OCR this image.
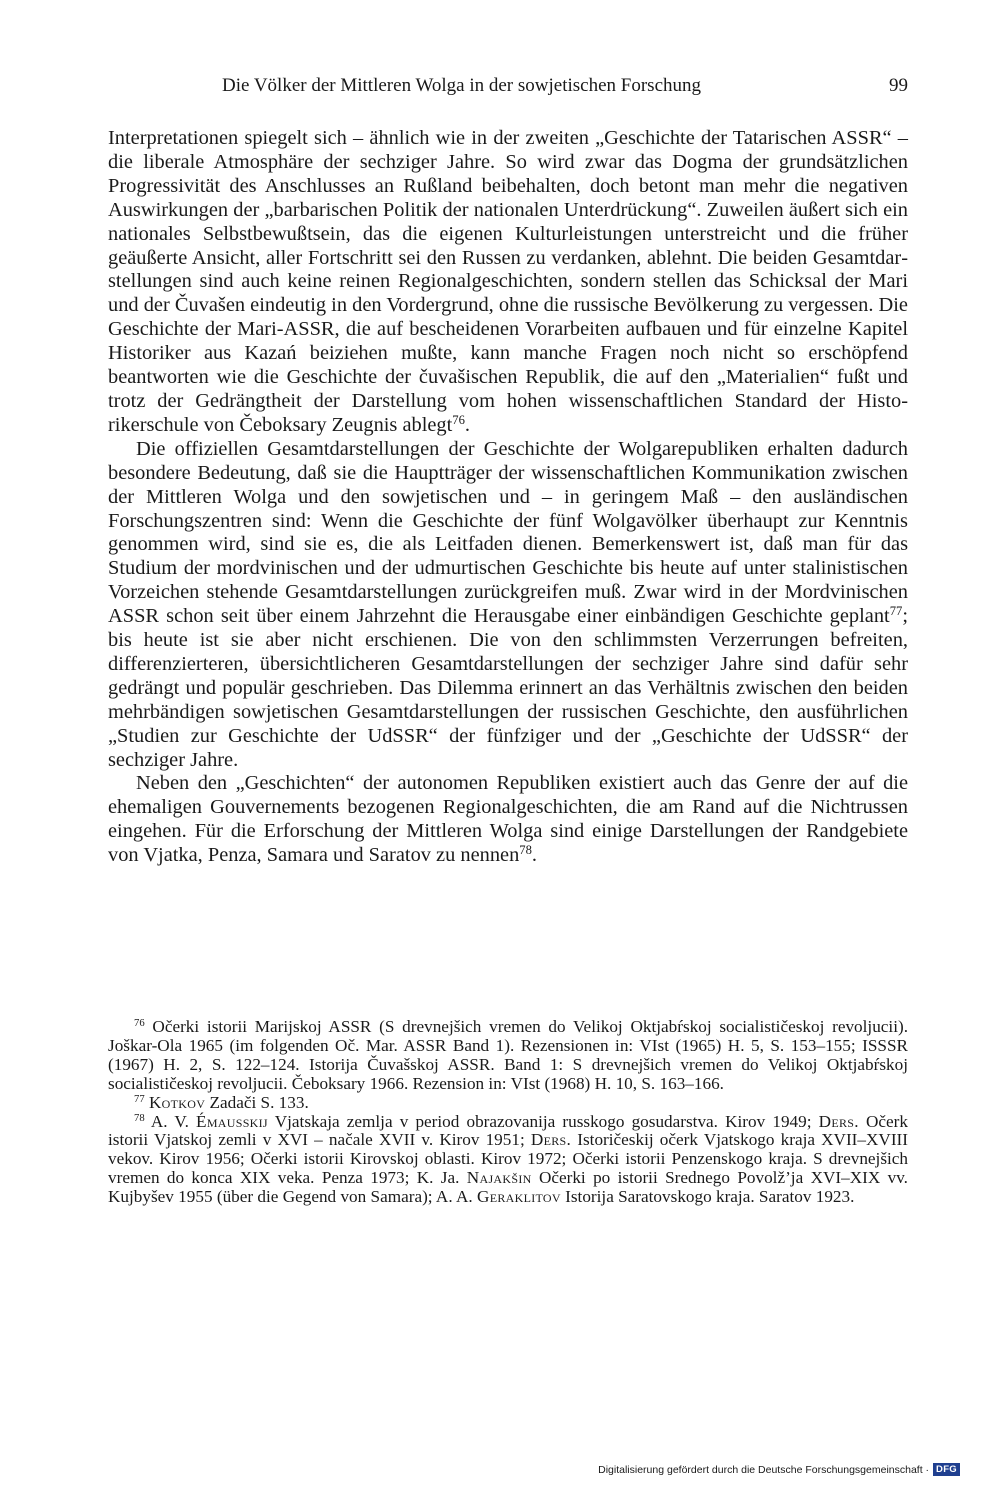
Die Völker der Mittleren Wolga in der sowjetischen Forschung	99

Interpretationen spiegelt sich – ähnlich wie in der zweiten „Geschichte der Tatarischen ASSR“ – die liberale Atmosphäre der sechziger Jahre. So wird zwar das Dogma der grundsätzlichen Progressivität des Anschlusses an Rußland beibehalten, doch betont man mehr die negativen Auswirkungen der „barbarischen Politik der nationalen Unterdrückung“. Zuweilen äußert sich ein nationales Selbstbewußtsein, das die eigenen Kulturleistungen unterstreicht und die früher geäußerte Ansicht, aller Fortschritt sei den Russen zu verdanken, ablehnt. Die beiden Gesamtdarstellungen sind auch keine reinen Regionalgeschichten, sondern stellen das Schicksal der Mari und der Čuvašen eindeutig in den Vordergrund, ohne die russische Bevölkerung zu vergessen. Die Geschichte der Mari-ASSR, die auf bescheidenen Vorarbeiten aufbauen und für einzelne Kapitel Historiker aus Kazań beiziehen mußte, kann manche Fragen noch nicht so erschöpfend beantworten wie die Geschichte der čuvašischen Republik, die auf den „Materialien“ fußt und trotz der Gedrängtheit der Darstellung vom hohen wissenschaftlichen Standard der Historikerschule von Čeboksary Zeugnis ablegt$^{76}$.

Die offiziellen Gesamtdarstellungen der Geschichte der Wolgarepubliken erhalten dadurch besondere Bedeutung, daß sie die Hauptträger der wissenschaftlichen Kommunikation zwischen der Mittleren Wolga und den sowjetischen und – in geringem Maß – den ausländischen Forschungszentren sind: Wenn die Geschichte der fünf Wolgavölker überhaupt zur Kenntnis genommen wird, sind sie es, die als Leitfaden dienen. Bemerkenswert ist, daß man für das Studium der mordvinischen und der udmurtischen Geschichte bis heute auf unter stalinistischen Vorzeichen stehende Gesamtdarstellungen zurückgreifen muß. Zwar wird in der Mordvinischen ASSR schon seit über einem Jahrzehnt die Herausgabe einer einbändigen Geschichte geplant$^{77}$; bis heute ist sie aber nicht erschienen. Die von den schlimmsten Verzerrungen befreiten, differenzierteren, übersichtlicheren Gesamtdarstellungen der sechziger Jahre sind dafür sehr gedrängt und populär geschrieben. Das Dilemma erinnert an das Verhältnis zwischen den beiden mehrbändigen sowjetischen Gesamtdarstellungen der russischen Geschichte, den ausführlichen „Studien zur Geschichte der UdSSR“ der fünfziger und der „Geschichte der UdSSR“ der sechziger Jahre.

Neben den „Geschichten“ der autonomen Republiken existiert auch das Genre der auf die ehemaligen Gouvernements bezogenen Regionalgeschichten, die am Rand auf die Nichtrussen eingehen. Für die Erforschung der Mittleren Wolga sind einige Darstellungen der Randgebiete von Vjatka, Penza, Samara und Saratov zu nennen$^{78}$.

$^{76}$ Očerki istorii Marijskoj ASSR (S drevnejšich vremen do Velikoj Oktjabŕskoj socialističeskoj revoljucii). Joškar-Ola 1965 (im folgenden Oč. Mar. ASSR Band 1). Rezensionen in: VIst (1965) H. 5, S. 153–155; ISSSR (1967) H. 2, S. 122–124. Istorija Čuvašskoj ASSR. Band 1: S drevnejšich vremen do Velikoj Oktjabŕskoj socialističeskoj revoljucii. Čeboksary 1966. Rezension in: VIst (1968) H. 10, S. 163–166.

$^{77}$ Kotkov Zadači S. 133.

$^{78}$ A. V. Émausskij Vjatskaja zemlja v period obrazovanija russkogo gosudarstva. Kirov 1949; Ders. Očerk istorii Vjatskoj zemli v XVI – načale XVII v. Kirov 1951; Ders. Istoričeskij očerk Vjatskogo kraja XVII–XVIII vekov. Kirov 1956; Očerki istorii Kirovskoj oblasti. Kirov 1972; Očerki istorii Penzenskogo kraja. S drevnejšich vremen do konca XIX veka. Penza 1973; K. Ja. Najakšin Očerki po istorii Srednego Povolž’ja XVI–XIX vv. Kujbyšev 1955 (über die Gegend von Samara); A. A. Geraklitov Istorija Saratovskogo kraja. Saratov 1923.

Digitalisierung gefördert durch die Deutsche Forschungsgemeinschaft · DFG
